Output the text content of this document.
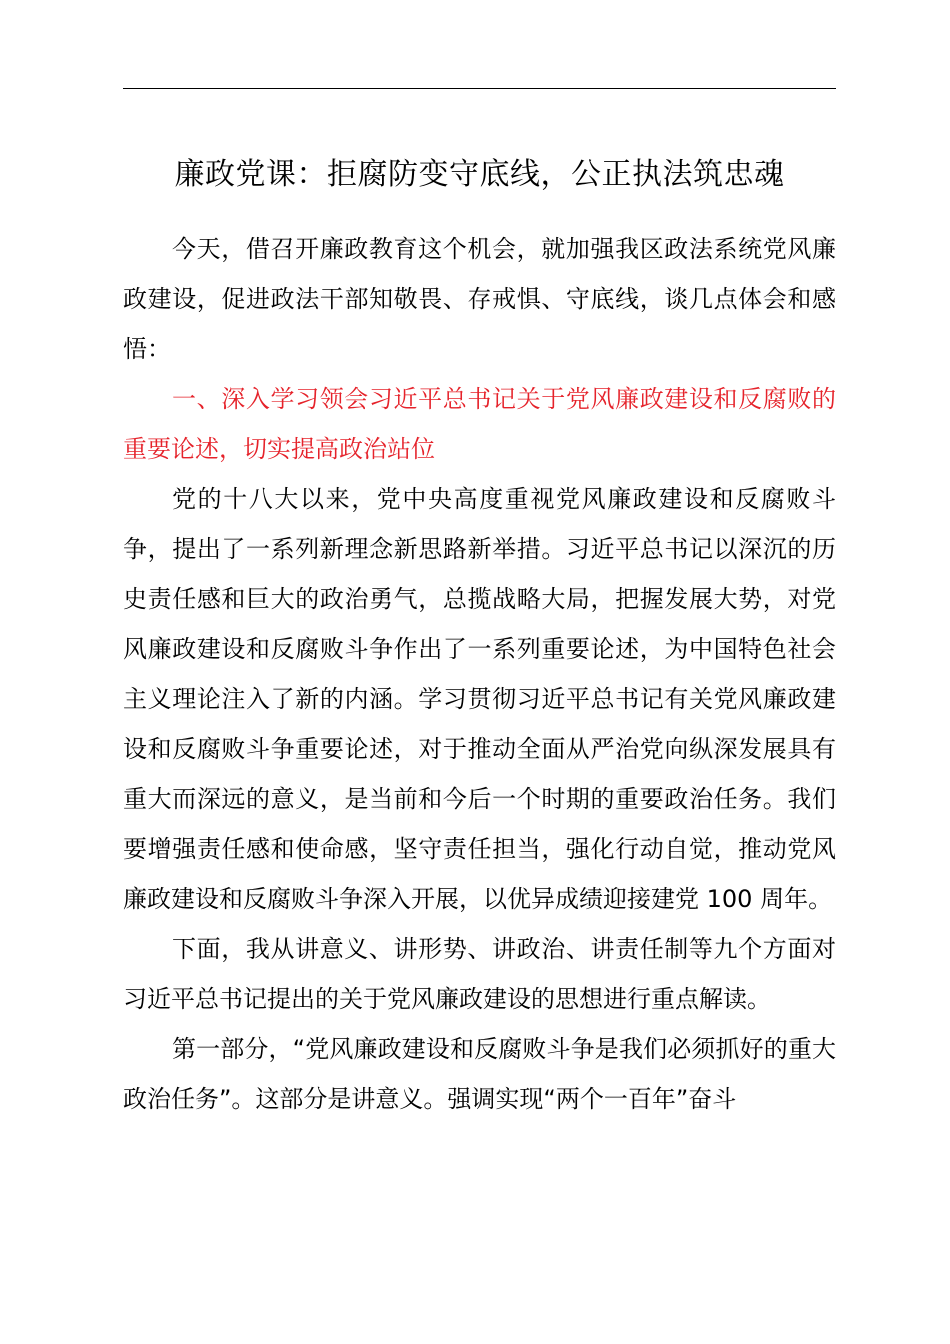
廉政党课：拒腐防变守底线，公正执法筑忠魂

今天，借召开廉政教育这个机会，就加强我区政法系统党风廉政建设，促进政法干部知敬畏、存戒惧、守底线，谈几点体会和感悟：

一、深入学习领会习近平总书记关于党风廉政建设和反腐败的重要论述，切实提高政治站位

党的十八大以来，党中央高度重视党风廉政建设和反腐败斗争，提出了一系列新理念新思路新举措。习近平总书记以深沉的历史责任感和巨大的政治勇气，总揽战略大局，把握发展大势，对党风廉政建设和反腐败斗争作出了一系列重要论述，为中国特色社会主义理论注入了新的内涵。学习贯彻习近平总书记有关党风廉政建设和反腐败斗争重要论述，对于推动全面从严治党向纵深发展具有重大而深远的意义，是当前和今后一个时期的重要政治任务。我们要增强责任感和使命感，坚守责任担当，强化行动自觉，推动党风廉政建设和反腐败斗争深入开展，以优异成绩迎接建党 100 周年。

下面，我从讲意义、讲形势、讲政治、讲责任制等九个方面对习近平总书记提出的关于党风廉政建设的思想进行重点解读。

第一部分，“党风廉政建设和反腐败斗争是我们必须抓好的重大政治任务”。这部分是讲意义。强调实现“两个一百年”奋斗
